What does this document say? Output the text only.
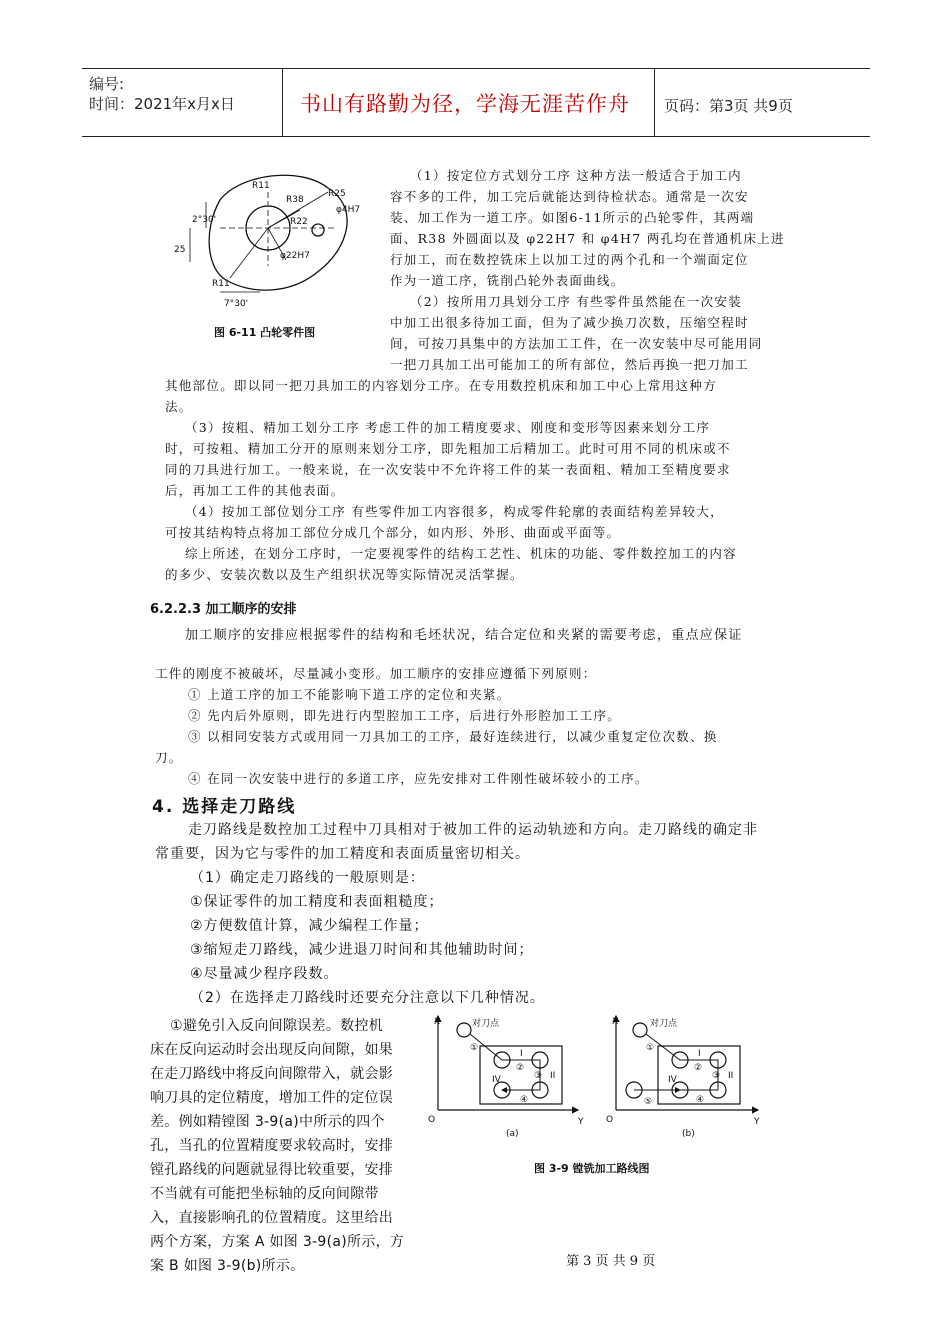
编号:
时间：2021年x月x日	书山有路勤为径，学海无涯苦作舟 页码：第3页 共9页
R11
R38
R25
φ4H7
R22
φ22H7
R11
7°30'
25
2°30'
图 6-11 凸轮零件图
（1）按定位方式划分工序 这种方法一般适合于加工内
容不多的工件，加工完后就能达到待检状态。通常是一次安
装、加工作为一道工序。如图6-11所示的凸轮零件，其两端
面、R38 外圆面以及 φ22H7 和 φ4H7 两孔均在普通机床上进
行加工，而在数控铣床上以加工过的两个孔和一个端面定位
作为一道工序，铣削凸轮外表面曲线。
（2）按所用刀具划分工序 有些零件虽然能在一次安装
中加工出很多待加工面，但为了减少换刀次数，压缩空程时
间，可按刀具集中的方法加工工件，在一次安装中尽可能用同
一把刀具加工出可能加工的所有部位，然后再换一把刀加工
其他部位。即以同一把刀具加工的内容划分工序。在专用数控机床和加工中心上常用这种方
法。
（3）按粗、精加工划分工序 考虑工件的加工精度要求、刚度和变形等因素来划分工序
时，可按粗、精加工分开的原则来划分工序，即先粗加工后精加工。此时可用不同的机床或不
同的刀具进行加工。一般来说，在一次安装中不允许将工件的某一表面粗、精加工至精度要求
后，再加工工件的其他表面。
（4）按加工部位划分工序 有些零件加工内容很多，构成零件轮廓的表面结构差异较大，
可按其结构特点将加工部位分成几个部分，如内形、外形、曲面或平面等。
综上所述，在划分工序时，一定要视零件的结构工艺性、机床的功能、零件数控加工的内容
的多少、安装次数以及生产组织状况等实际情况灵活掌握。
6.2.2.3 加工顺序的安排
加工顺序的安排应根据零件的结构和毛坯状况，结合定位和夹紧的需要考虑，重点应保证
工件的刚度不被破坏，尽量减小变形。加工顺序的安排应遵循下列原则：
① 上道工序的加工不能影响下道工序的定位和夹紧。
② 先内后外原则，即先进行内型腔加工工序，后进行外形腔加工工序。
③ 以相同安装方式或用同一刀具加工的工序，最好连续进行，以减少重复定位次数、换
刀。
④ 在同一次安装中进行的多道工序，应先安排对工件刚性破坏较小的工序。
4. 选择走刀路线
走刀路线是数控加工过程中刀具相对于被加工件的运动轨迹和方向。走刀路线的确定非
常重要，因为它与零件的加工精度和表面质量密切相关。
（1）确定走刀路线的一般原则是：
①保证零件的加工精度和表面粗糙度；
②方便数值计算，减少编程工作量；
③缩短走刀路线，减少进退刀时间和其他辅助时间；
④尽量减少程序段数。
（2）在选择走刀路线时还要充分注意以下几种情况。
①避免引入反向间隙误差。数控机
床在反向运动时会出现反向间隙，如果
在走刀路线中将反向间隙带入，就会影
响刀具的定位精度，增加工件的定位误
差。例如精镗图 3-9(a)中所示的四个
孔，当孔的位置精度要求较高时，安排
镗孔路线的问题就显得比较重要，安排
不当就有可能把坐标轴的反向间隙带
入，直接影响孔的位置精度。这里给出
两个方案，方案 A 如图 3-9(a)所示，方
案 B 如图 3-9(b)所示。
X
Y
O
对刀点
①
②
③
④
I
II
IV
(a)
X
Y
O
对刀点
①
②
③
④
⑤
I
II
IV
(b)
图 3-9 镗铣加工路线图
第 3 页 共 9 页
